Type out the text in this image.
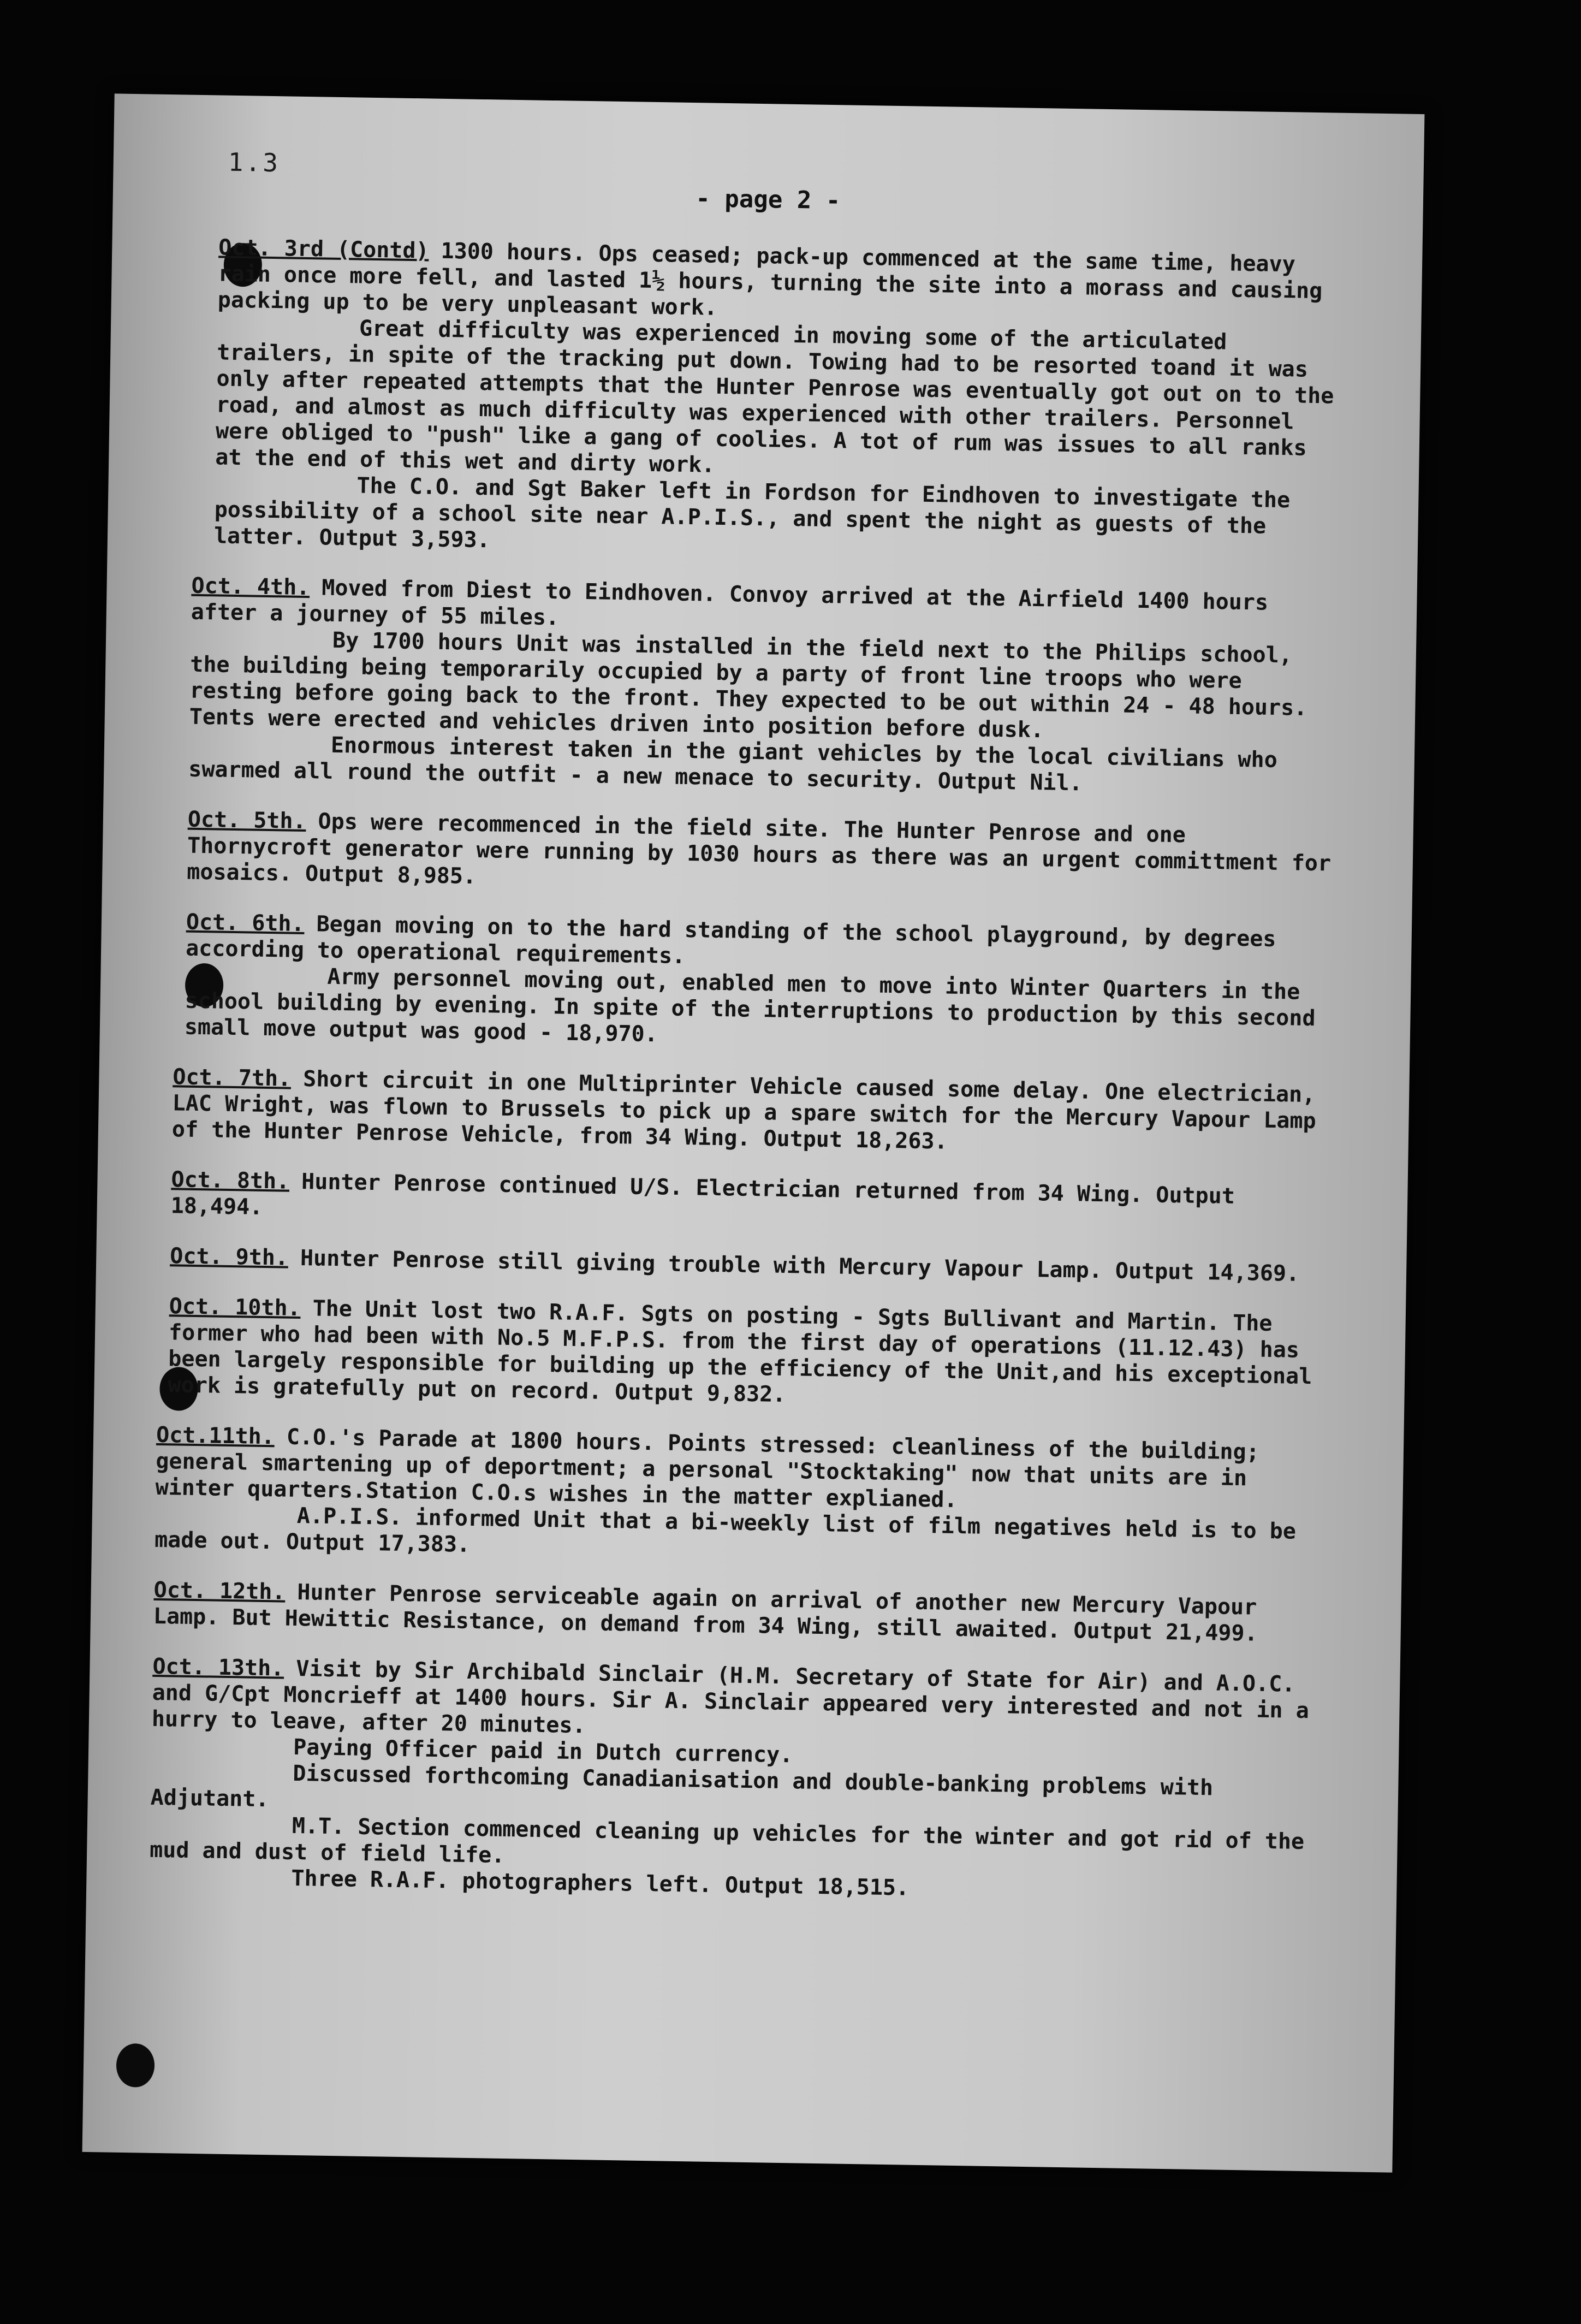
1.3
- page 2 -

Oct. 3rd (Contd) 1300 hours. Ops ceased; pack-up commenced at the same time, heavy rain once more fell, and lasted 1½ hours, turning the site into a morass and causing packing up to be very unpleasant work.

Great difficulty was experienced in moving some of the articulated trailers, in spite of the tracking put down. Towing had to be resorted toand it was only after repeated attempts that the Hunter Penrose was eventually got out on to the road, and almost as much difficulty was experienced with other trailers. Personnel were obliged to "push" like a gang of coolies. A tot of rum was issues to all ranks at the end of this wet and dirty work.

The C.O. and Sgt Baker left in Fordson for Eindhoven to investigate the possibility of a school site near A.P.I.S., and spent the night as guests of the latter. Output 3,593.

Oct. 4th. Moved from Diest to Eindhoven. Convoy arrived at the Airfield 1400 hours after a journey of 55 miles.

By 1700 hours Unit was installed in the field next to the Philips school, the building being temporarily occupied by a party of front line troops who were resting before going back to the front. They expected to be out within 24 - 48 hours. Tents were erected and vehicles driven into position before dusk.

Enormous interest taken in the giant vehicles by the local civilians who swarmed all round the outfit - a new menace to security. Output Nil.

Oct. 5th. Ops were recommenced in the field site. The Hunter Penrose and one Thornycroft generator were running by 1030 hours as there was an urgent committment for mosaics. Output 8,985.

Oct. 6th. Began moving on to the hard standing of the school playground, by degrees according to operational requirements.

Army personnel moving out, enabled men to move into Winter Quarters in the school building by evening. In spite of the interruptions to production by this second small move output was good - 18,970.

Oct. 7th. Short circuit in one Multiprinter Vehicle caused some delay. One electrician, LAC Wright, was flown to Brussels to pick up a spare switch for the Mercury Vapour Lamp of the Hunter Penrose Vehicle, from 34 Wing. Output 18,263.

Oct. 8th. Hunter Penrose continued U/S. Electrician returned from 34 Wing. Output 18,494.

Oct. 9th. Hunter Penrose still giving trouble with Mercury Vapour Lamp. Output 14,369.

Oct. 10th. The Unit lost two R.A.F. Sgts on posting - Sgts Bullivant and Martin. The former who had been with No.5 M.F.P.S. from the first day of operations (11.12.43) has been largely responsible for building up the efficiency of the Unit,and his exceptional work is gratefully put on record. Output 9,832.

Oct.11th. C.O.'s Parade at 1800 hours. Points stressed: cleanliness of the building; general smartening up of deportment; a personal "Stocktaking" now that units are in winter quarters.Station C.O.s wishes in the matter explianed.

A.P.I.S. informed Unit that a bi-weekly list of film negatives held is to be made out. Output 17,383.

Oct. 12th. Hunter Penrose serviceable again on arrival of another new Mercury Vapour Lamp. But Hewittic Resistance, on demand from 34 Wing, still awaited. Output 21,499.

Oct. 13th. Visit by Sir Archibald Sinclair (H.M. Secretary of State for Air) and A.O.C. and G/Cpt Moncrieff at 1400 hours. Sir A. Sinclair appeared very interested and not in a hurry to leave, after 20 minutes.

Paying Officer paid in Dutch currency.

Discussed forthcoming Canadianisation and double-banking problems with Adjutant.

M.T. Section commenced cleaning up vehicles for the winter and got rid of the mud and dust of field life.

Three R.A.F. photographers left. Output 18,515.
